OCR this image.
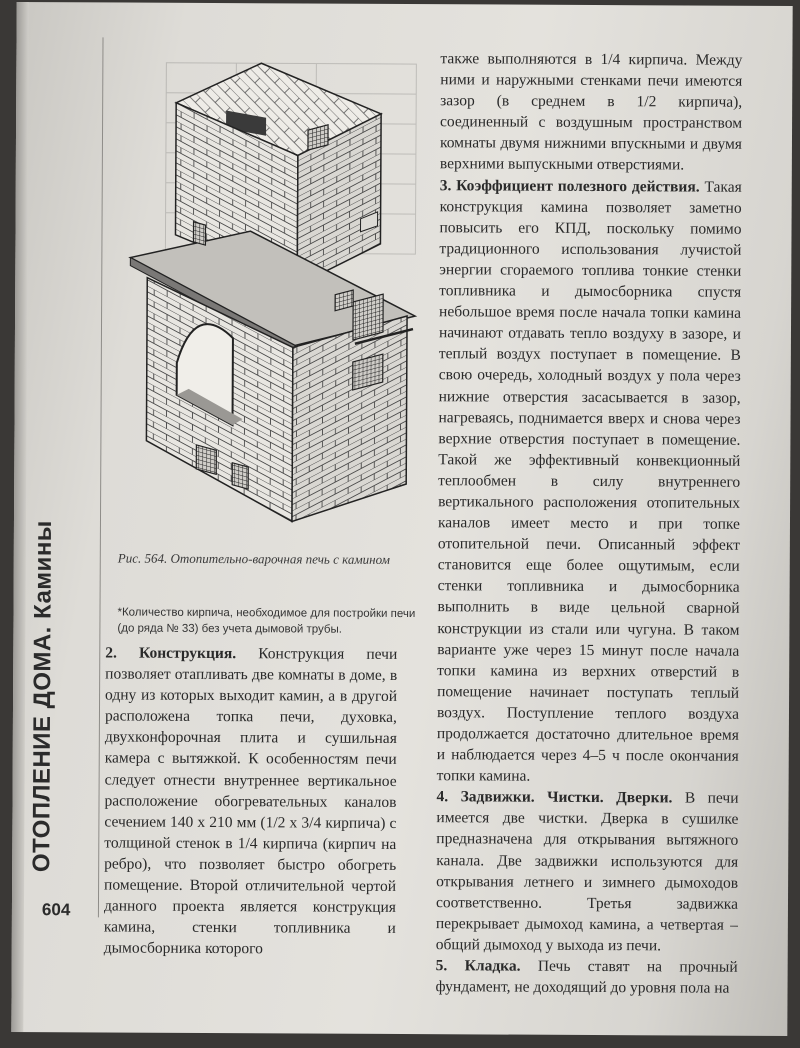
ОТОПЛЕНИЕ ДОМА. Камины
604
Рис. 564. Отопительно-варочная печь с камином
*Количество кирпича, необходимое для постройки печи (до ряда № 33) без учета дымовой трубы.

2. Конструкция. Конструкция печи позволяет отапливать две комнаты в доме, в одну из которых выходит камин, а в другой расположена топка печи, духовка, двухконфорочная плита и сушильная камера с вытяжкой. К особенностям печи следует отнести внутреннее вертикальное расположение обогревательных каналов сечением 140 х 210 мм (1/2 х 3/4 кирпича) с толщиной стенок в 1/4 кирпича (кирпич на ребро), что позволяет быстро обогреть помещение. Второй отличительной чертой данного проекта является конструкция камина, стенки топливника и дымосборника которого

также выполняются в 1/4 кирпича. Между ними и наружными стенками печи имеются зазор (в среднем в 1/2 кирпича), соединенный с воздушным пространством комнаты двумя нижними впускными и двумя верхними выпускными отверстиями.

3. Коэффициент полезного действия. Такая конструкция камина позволяет заметно повысить его КПД, поскольку помимо традиционного использования лучистой энергии сгораемого топлива тонкие стенки топливника и дымосборника спустя небольшое время после начала топки камина начинают отдавать тепло воздуху в зазоре, и теплый воздух поступает в помещение. В свою очередь, холодный воздух у пола через нижние отверстия засасывается в зазор, нагреваясь, поднимается вверх и снова через верхние отверстия поступает в помещение. Такой же эффективный конвекционный теплообмен в силу внутреннего вертикального расположения отопительных каналов имеет место и при топке отопительной печи. Описанный эффект становится еще более ощутимым, если стенки топливника и дымосборника выполнить в виде цельной сварной конструкции из стали или чугуна. В таком варианте уже через 15 минут после начала топки камина из верхних отверстий в помещение начинает поступать теплый воздух. Поступление теплого воздуха продолжается достаточно длительное время и наблюдается через 4–5 ч после окончания топки камина.

4. Задвижки. Чистки. Дверки. В печи имеется две чистки. Дверка в сушилке предназначена для открывания вытяжного канала. Две задвижки используются для открывания летнего и зимнего дымоходов соответственно. Третья задвижка перекрывает дымоход камина, а четвертая – общий дымоход у выхода из печи.

5. Кладка. Печь ставят на прочный фундамент, не доходящий до уровня пола на
